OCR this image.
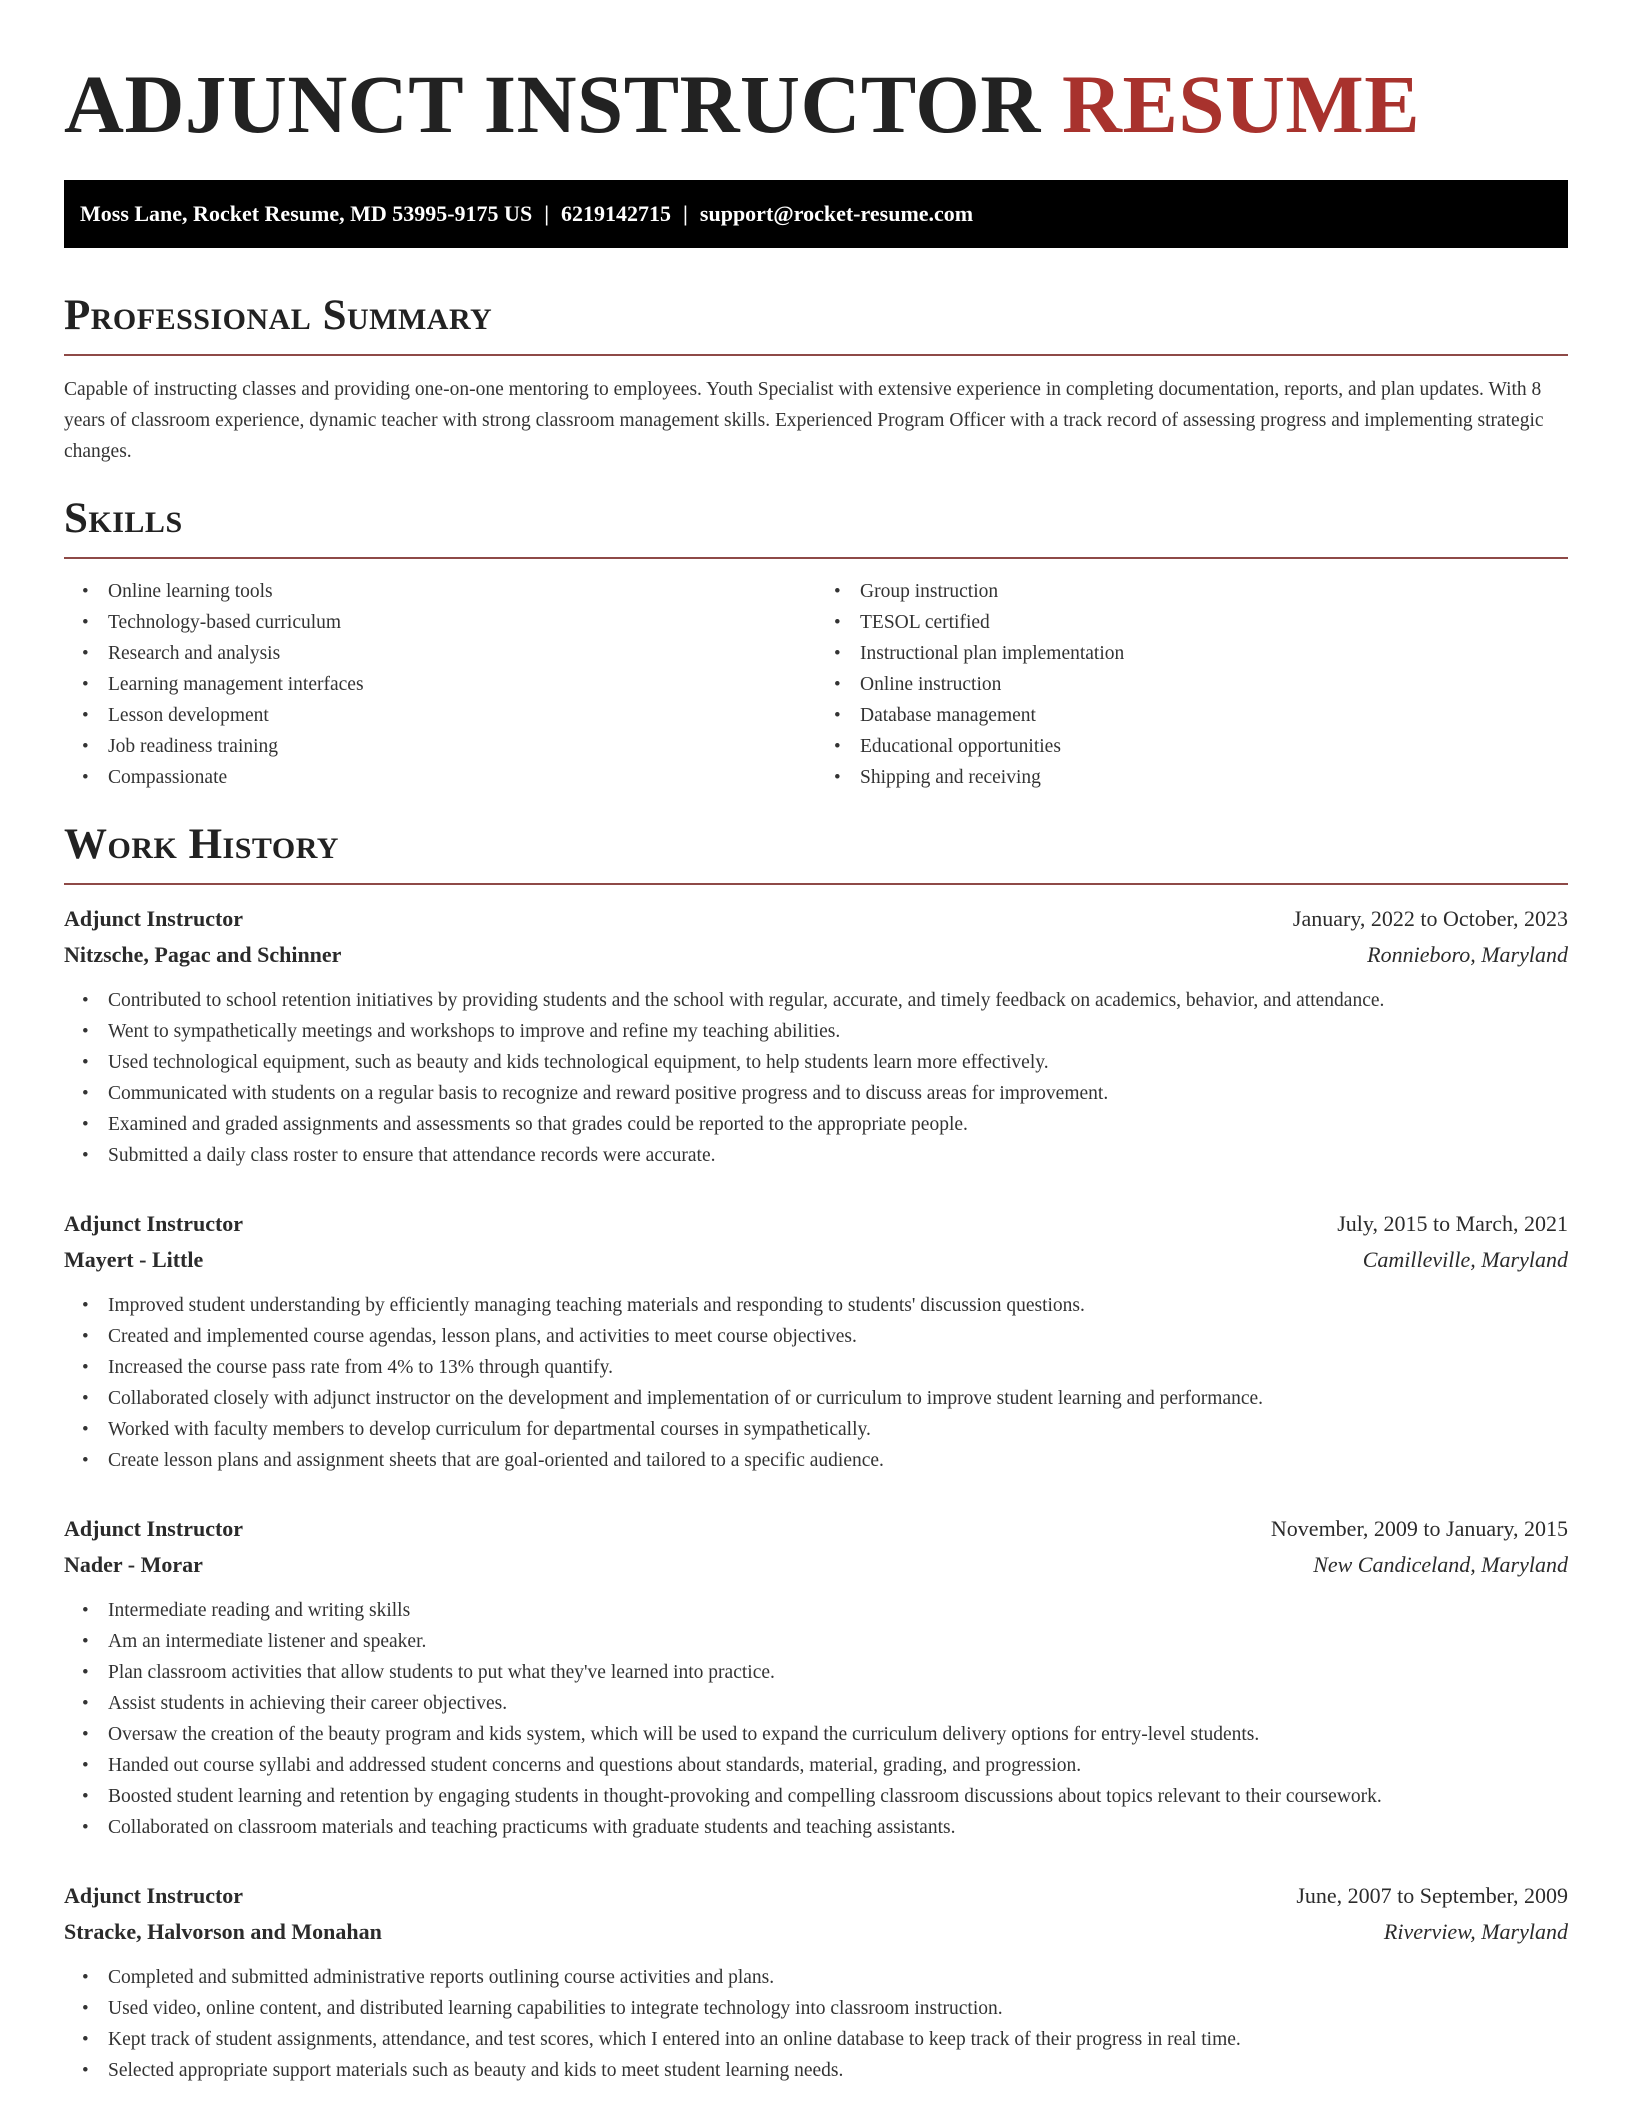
ADJUNCT INSTRUCTOR RESUME
Moss Lane, Rocket Resume, MD 53995-9175 US | 6219142715 | support@rocket-resume.com
Professional Summary

Capable of instructing classes and providing one-on-one mentoring to employees. Youth Specialist with extensive experience in completing documentation, reports, and plan updates. With 8 years of classroom experience, dynamic teacher with strong classroom management skills. Experienced Program Officer with a track record of assessing progress and implementing strategic changes.

Skills
• Online learning tools
• Technology-based curriculum
• Research and analysis
• Learning management interfaces
• Lesson development
• Job readiness training
• Compassionate
• Group instruction
• TESOL certified
• Instructional plan implementation
• Online instruction
• Database management
• Educational opportunities
• Shipping and receiving
Work History
Adjunct Instructor	January, 2022 to October, 2023
Nitzsche, Pagac and Schinner	Ronnieboro, Maryland
• Contributed to school retention initiatives by providing students and the school with regular, accurate, and timely feedback on academics, behavior, and attendance.
• Went to sympathetically meetings and workshops to improve and refine my teaching abilities.
• Used technological equipment, such as beauty and kids technological equipment, to help students learn more effectively.
• Communicated with students on a regular basis to recognize and reward positive progress and to discuss areas for improvement.
• Examined and graded assignments and assessments so that grades could be reported to the appropriate people.
• Submitted a daily class roster to ensure that attendance records were accurate.
Adjunct Instructor	July, 2015 to March, 2021
Mayert - Little	Camilleville, Maryland
• Improved student understanding by efficiently managing teaching materials and responding to students' discussion questions.
• Created and implemented course agendas, lesson plans, and activities to meet course objectives.
• Increased the course pass rate from 4% to 13% through quantify.
• Collaborated closely with adjunct instructor on the development and implementation of or curriculum to improve student learning and performance.
• Worked with faculty members to develop curriculum for departmental courses in sympathetically.
• Create lesson plans and assignment sheets that are goal-oriented and tailored to a specific audience.
Adjunct Instructor	November, 2009 to January, 2015
Nader - Morar	New Candiceland, Maryland
• Intermediate reading and writing skills
• Am an intermediate listener and speaker.
• Plan classroom activities that allow students to put what they've learned into practice.
• Assist students in achieving their career objectives.
• Oversaw the creation of the beauty program and kids system, which will be used to expand the curriculum delivery options for entry-level students.
• Handed out course syllabi and addressed student concerns and questions about standards, material, grading, and progression.
• Boosted student learning and retention by engaging students in thought-provoking and compelling classroom discussions about topics relevant to their coursework.
• Collaborated on classroom materials and teaching practicums with graduate students and teaching assistants.
Adjunct Instructor	June, 2007 to September, 2009
Stracke, Halvorson and Monahan	Riverview, Maryland
• Completed and submitted administrative reports outlining course activities and plans.
• Used video, online content, and distributed learning capabilities to integrate technology into classroom instruction.
• Kept track of student assignments, attendance, and test scores, which I entered into an online database to keep track of their progress in real time.
• Selected appropriate support materials such as beauty and kids to meet student learning needs.
